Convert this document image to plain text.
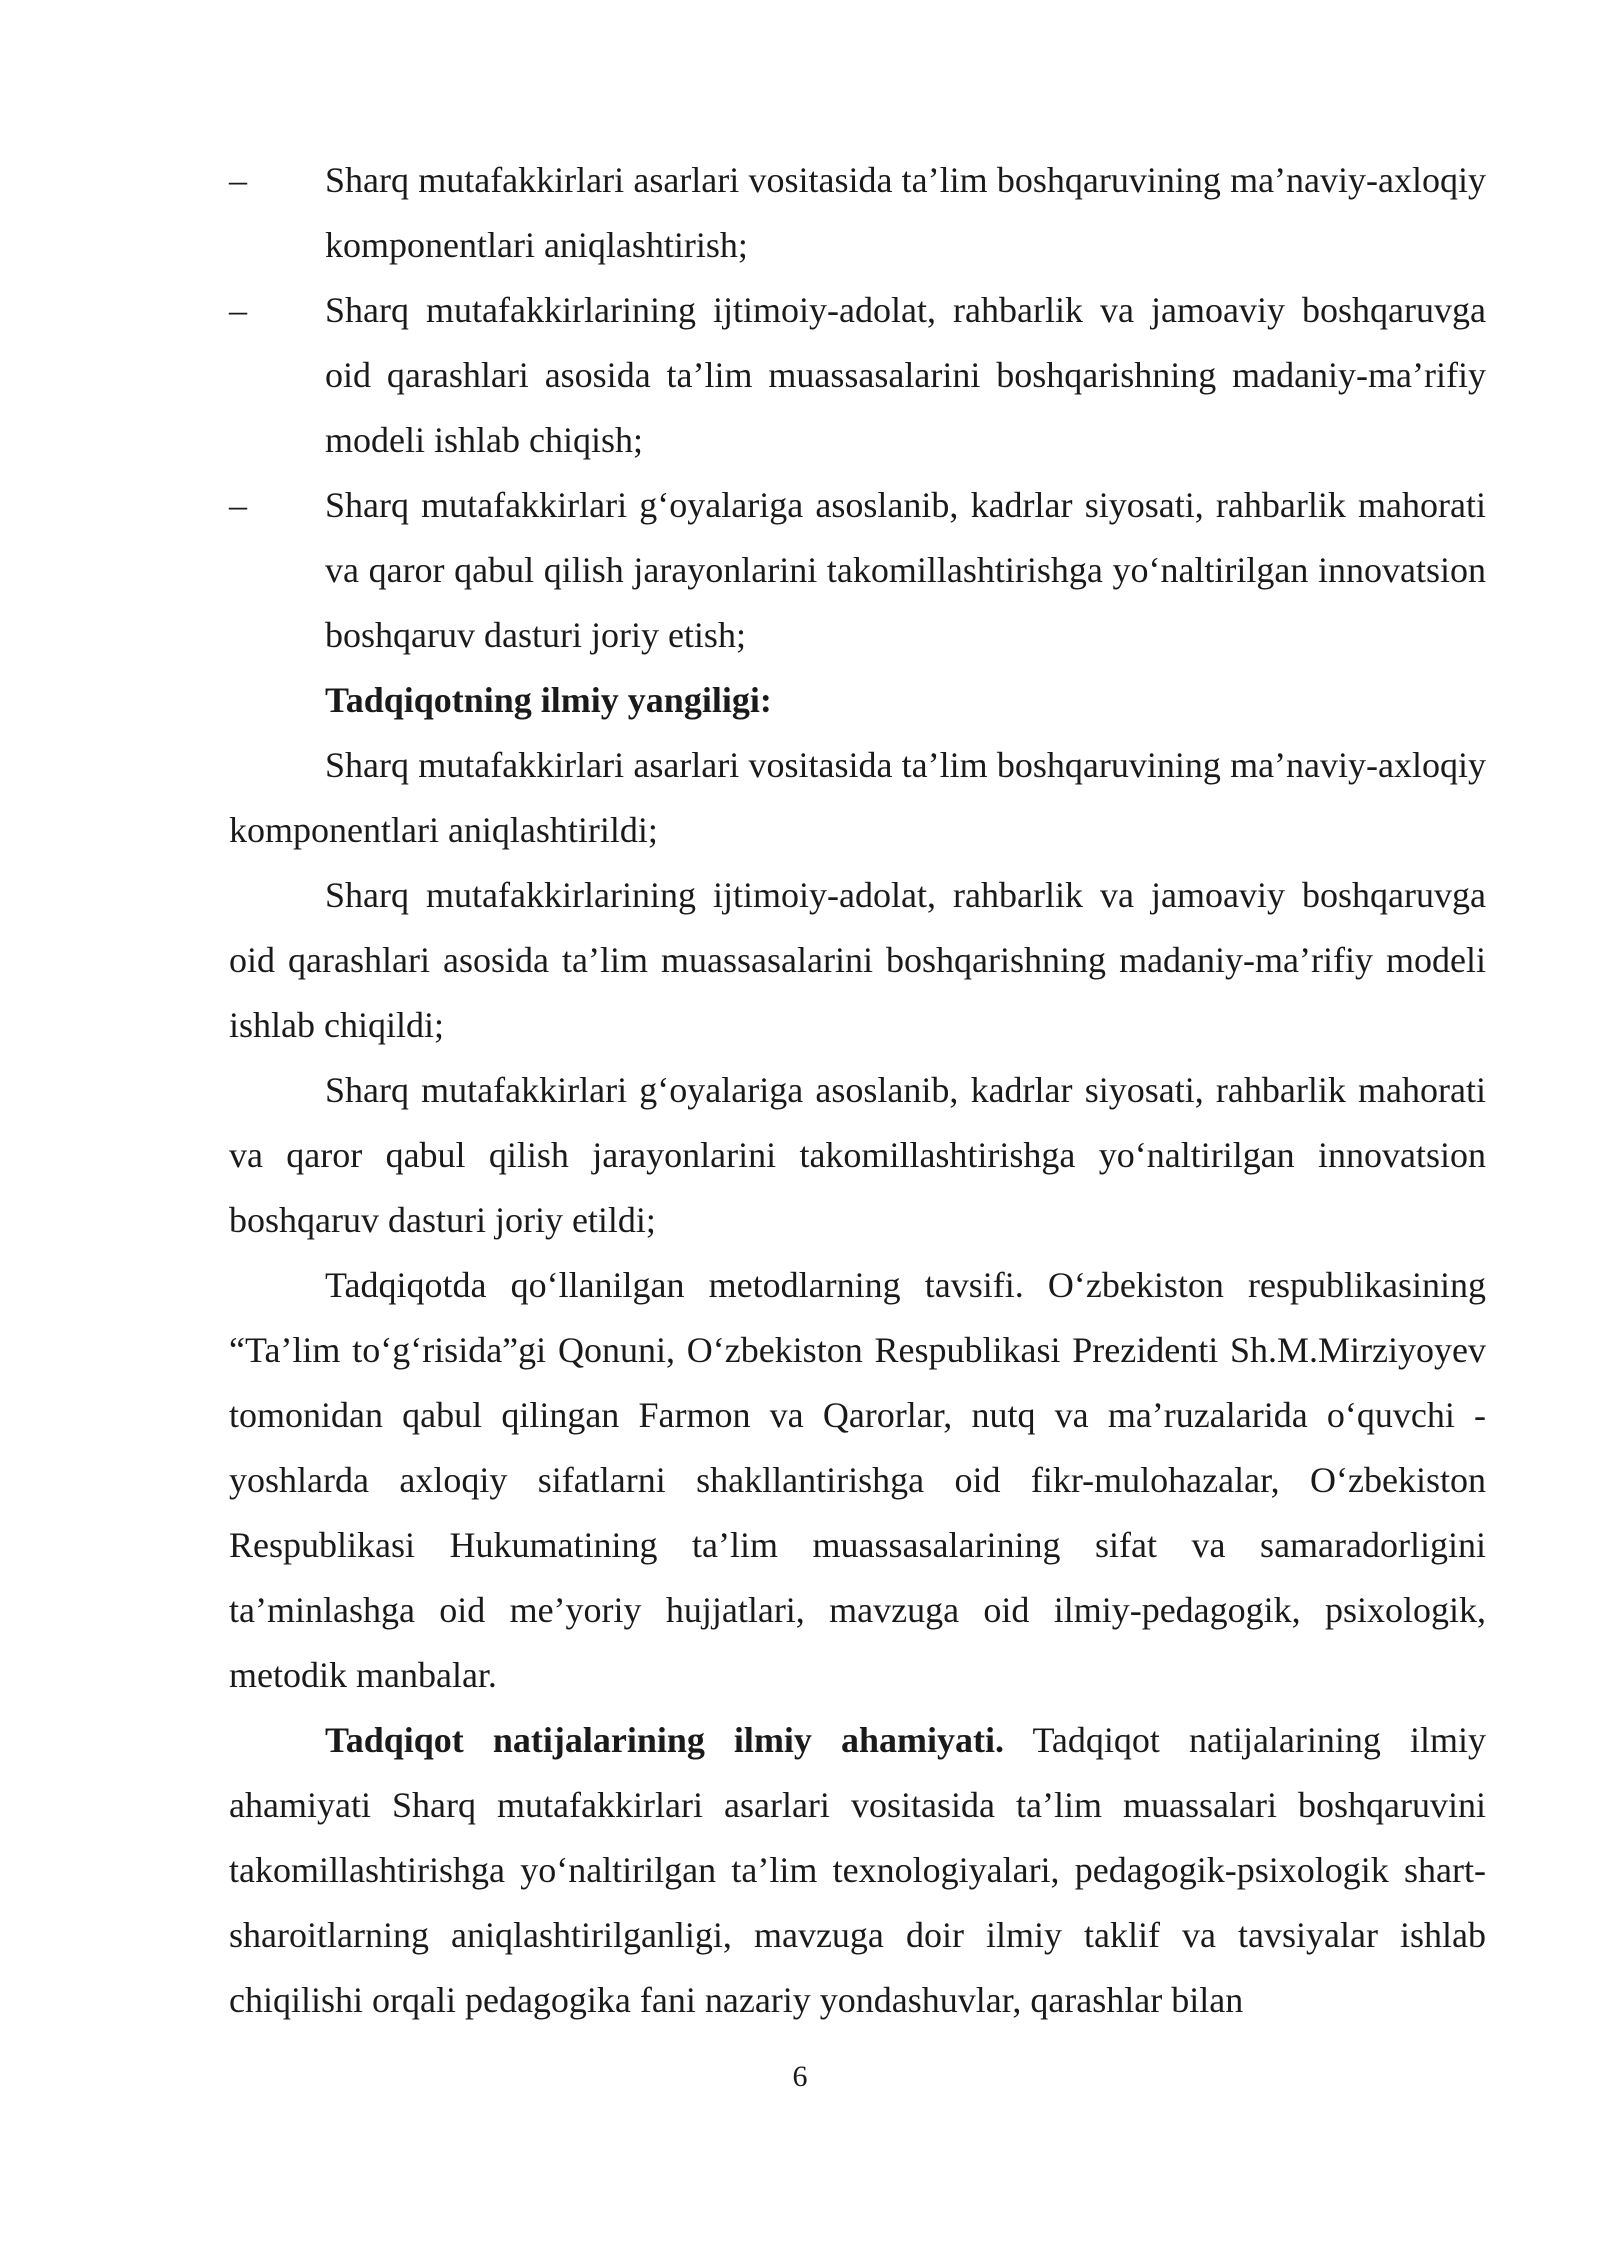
– Sharq mutafakkirlari asarlari vositasida ta’lim boshqaruvining ma’naviy-axloqiy komponentlari aniqlashtirish;

– Sharq mutafakkirlarining ijtimoiy-adolat, rahbarlik va jamoaviy boshqaruvga oid qarashlari asosida ta’lim muassasalarini boshqarishning madaniy-ma’rifiy modeli ishlab chiqish;

– Sharq mutafakkirlari g‘oyalariga asoslanib, kadrlar siyosati, rahbarlik mahorati va qaror qabul qilish jarayonlarini takomillashtirishga yo‘naltirilgan innovatsion boshqaruv dasturi joriy etish;

Tadqiqotning ilmiy yangiligi:

Sharq mutafakkirlari asarlari vositasida ta’lim boshqaruvining ma’naviy-axloqiy komponentlari aniqlashtirildi;

Sharq mutafakkirlarining ijtimoiy-adolat, rahbarlik va jamoaviy boshqaruvga oid qarashlari asosida ta’lim muassasalarini boshqarishning madaniy-ma’rifiy modeli ishlab chiqildi;

Sharq mutafakkirlari g‘oyalariga asoslanib, kadrlar siyosati, rahbarlik mahorati va qaror qabul qilish jarayonlarini takomillashtirishga yo‘naltirilgan innovatsion boshqaruv dasturi joriy etildi;

Tadqiqotda qo‘llanilgan metodlarning tavsifi. O‘zbekiston respublikasining “Ta’lim to‘g‘risida”gi Qonuni, O‘zbekiston Respublikasi Prezidenti Sh.M.Mirziyoyev tomonidan qabul qilingan Farmon va Qarorlar, nutq va ma’ruzalarida o‘quvchi - yoshlarda axloqiy sifatlarni shakllantirishga oid fikr-mulohazalar, O‘zbekiston Respublikasi Hukumatining ta’lim muassasalarining sifat va samaradorligini ta’minlashga oid me’yoriy hujjatlari, mavzuga oid ilmiy-pedagogik, psixologik, metodik manbalar.

Tadqiqot natijalarining ilmiy ahamiyati. Tadqiqot natijalarining ilmiy ahamiyati Sharq mutafakkirlari asarlari vositasida ta’lim muassalari boshqaruvini takomillashtirishga yo‘naltirilgan ta’lim texnologiyalari, pedagogik-psixologik shart-sharoitlarning aniqlashtirilganligi, mavzuga doir ilmiy taklif va tavsiyalar ishlab chiqilishi orqali pedagogika fani nazariy yondashuvlar, qarashlar bilan

6
